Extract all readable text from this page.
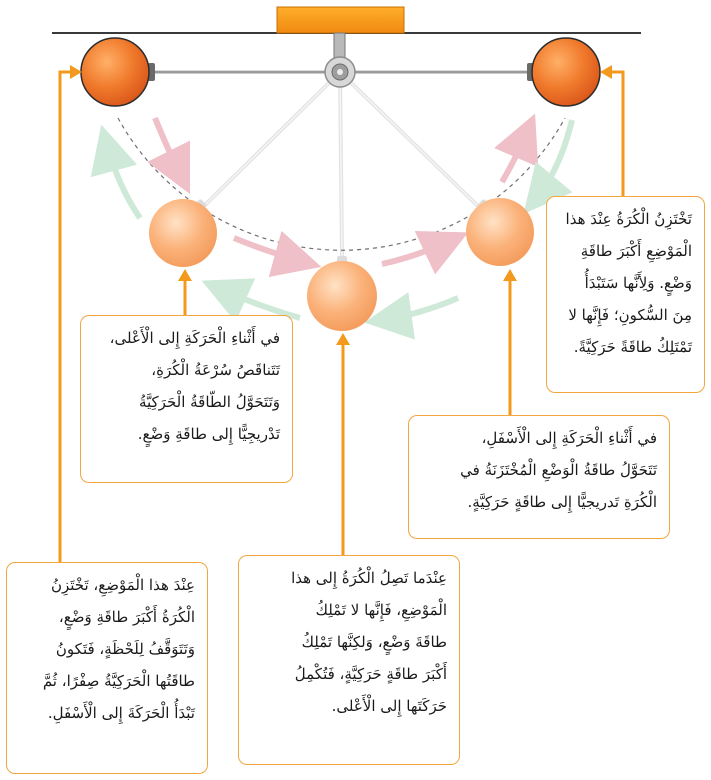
تَخْتَزِنُ الْكُرَةُ عِنْدَ هذا
الْمَوْضِعِ أَكْبَرَ طاقَةِ
وَضْعٍ. وَلِأَنَّها سَتَبْدَأُ
مِنَ السُّكونِ؛ فَإِنَّها لا
تَمْتَلِكُ طاقَةً حَرَكِيَّةً.
في أَثْناءِ الْحَرَكَةِ إِلى الْأَعْلى،
تَتَناقَصُ سُرْعَةُ الْكُرَةِ،
وَتَتَحَوَّلُ الطّاقَةُ الْحَرَكِيَّةُ
تَدْريجِيًّا إِلى طاقَةِ وَضْعٍ.	في أَثْناءِ الْحَرَكَةِ إِلى الْأَسْفَلِ،
تَتَحَوَّلُ طاقَةُ الْوَضْعِ الْمُخْتَزَنَةُ في
الْكُرَةِ تَدريجيًّا إِلى طاقَةٍ حَرَكِيَّةٍ.
عِنْدَ هذا الْمَوْضِعِ، تَخْتَزِنُ
الْكُرَةُ أَكْبَرَ طاقَةِ وَضْعٍ،
وَتَتَوَقَّفُ لِلَحْظَةٍ، فَتَكونُ
طاقَتُها الْحَرَكِيَّةُ صِفْرًا، ثُمَّ
تَبْدَأُ الْحَرَكَةَ إِلى الْأَسْفَلِ.
عِنْدَما تَصِلُ الْكُرَةُ إِلى هذا
الْمَوْضِعِ، فَإِنَّها لا تَمْلِكُ
طاقَةَ وَضْعٍ، وَلكِنَّها تَمْلِكُ
أَكْبَرَ طاقَةٍ حَرَكِيَّةٍ، فَتُكْمِلُ
حَرَكَتَها إِلى الْأَعْلى.
